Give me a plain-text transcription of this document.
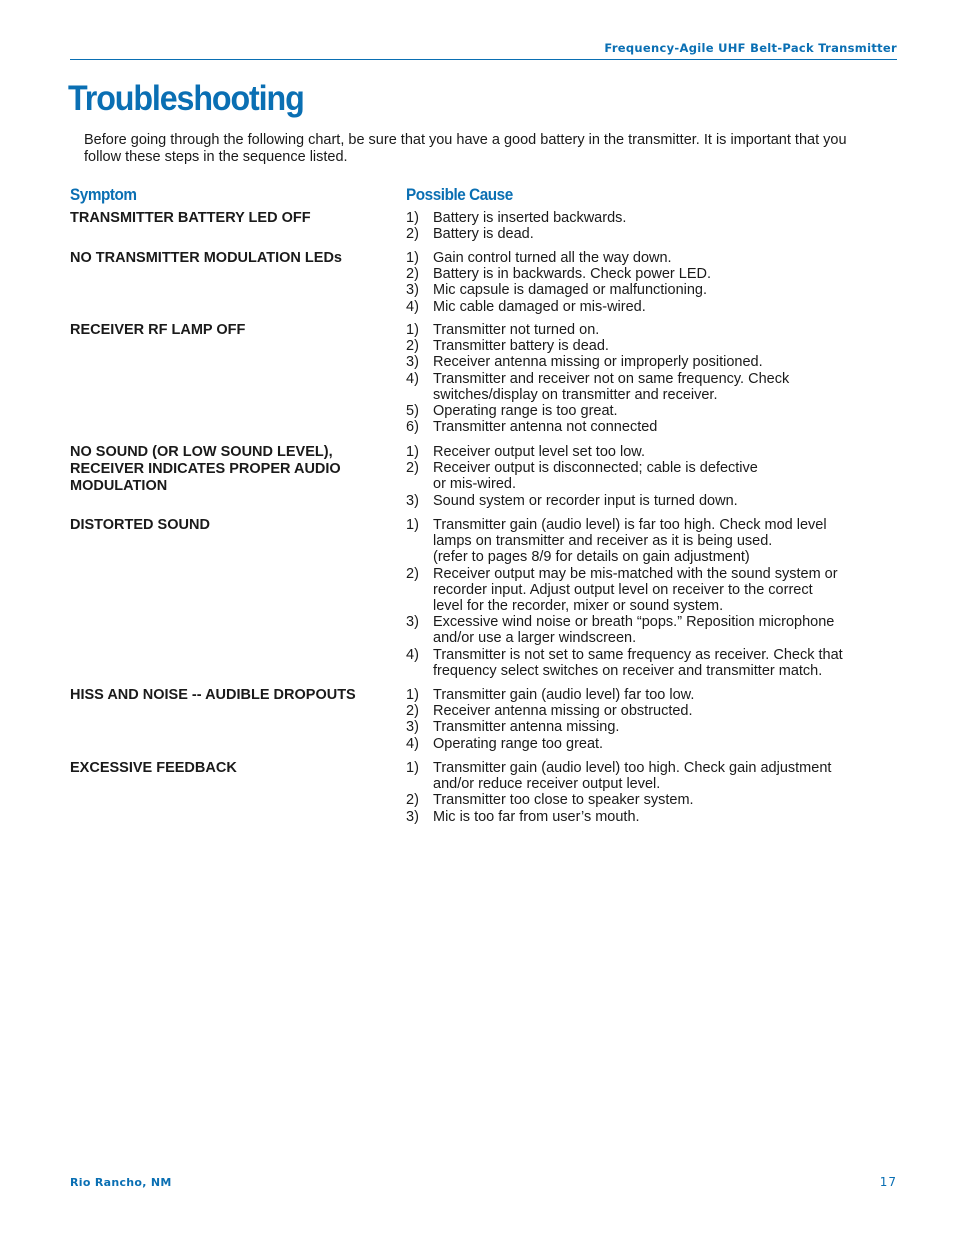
Frequency-Agile UHF Belt-Pack Transmitter
Troubleshooting

Before going through the following chart, be sure that you have a good battery in the transmitter. It is important that you follow these steps in the sequence listed.

Symptom	Possible Cause
TRANSMITTER BATTERY LED OFF	1) Battery is inserted backwards.
2) Battery is dead.
NO TRANSMITTER MODULATION LEDs	1) Gain control turned all the way down.
2) Battery is in backwards. Check power LED.
3) Mic capsule is damaged or malfunctioning.
4) Mic cable damaged or mis-wired.
RECEIVER RF LAMP OFF	1) Transmitter not turned on.
2) Transmitter battery is dead.
3) Receiver antenna missing or improperly positioned.
4) Transmitter and receiver not on same frequency. Check
switches/display on transmitter and receiver.
5) Operating range is too great.
6) Transmitter antenna not connected
NO SOUND (OR LOW SOUND LEVEL),
RECEIVER INDICATES PROPER AUDIO
MODULATION
1) Receiver output level set too low.
2) Receiver output is disconnected; cable is defective
or mis-wired.
3) Sound system or recorder input is turned down.
DISTORTED SOUND	1) Transmitter gain (audio level) is far too high. Check mod level
lamps on transmitter and receiver as it is being used.
(refer to pages 8/9 for details on gain adjustment)
2) Receiver output may be mis-matched with the sound system or
recorder input. Adjust output level on receiver to the correct
level for the recorder, mixer or sound system.
3) Excessive wind noise or breath “pops.” Reposition microphone
and/or use a larger windscreen.
4) Transmitter is not set to same frequency as receiver. Check that
frequency select switches on receiver and transmitter match.
HISS AND NOISE -- AUDIBLE DROPOUTS	1) Transmitter gain (audio level) far too low.
2) Receiver antenna missing or obstructed.
3) Transmitter antenna missing.
4) Operating range too great.
EXCESSIVE FEEDBACK	1) Transmitter gain (audio level) too high. Check gain adjustment
and/or reduce receiver output level.
2) Transmitter too close to speaker system.
3) Mic is too far from user’s mouth.
Rio Rancho, NM	17
